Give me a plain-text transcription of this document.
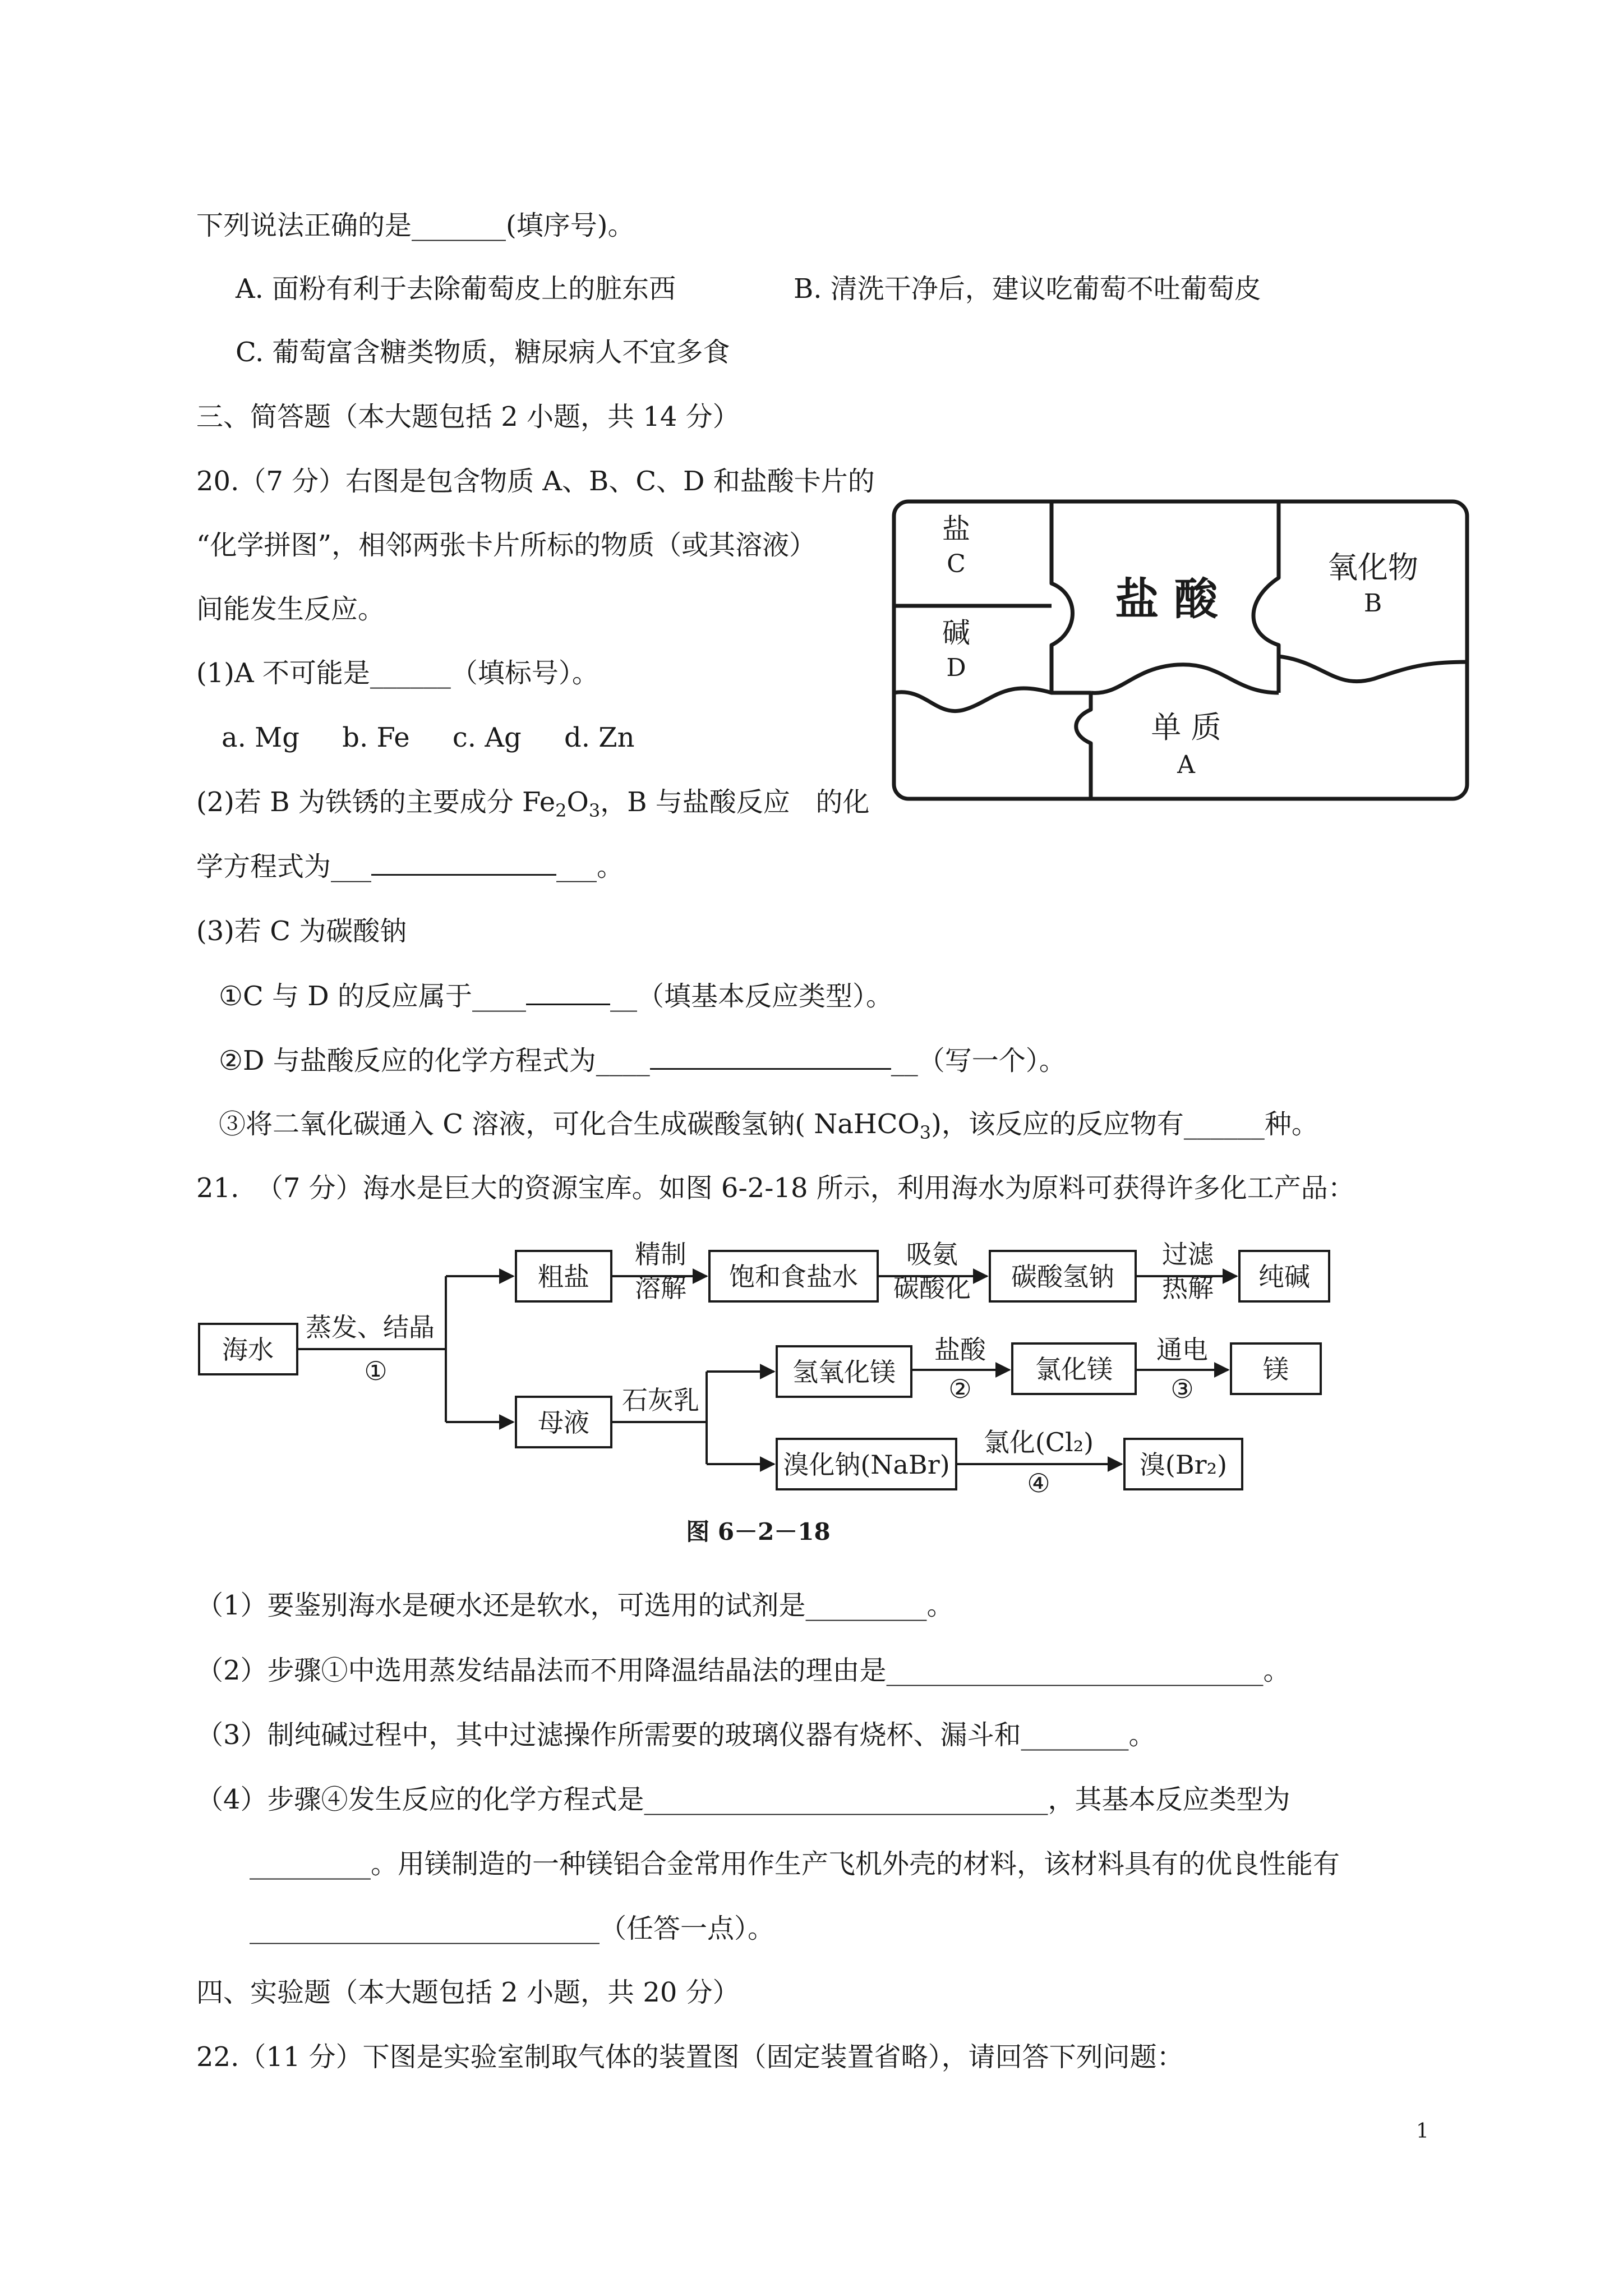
下列说法正确的是_______(填序号)。
A. 面粉有利于去除葡萄皮上的脏东西	B. 清洗干净后，建议吃葡萄不吐葡萄皮
C. 葡萄富含糖类物质，糖尿病人不宜多食
三、简答题（本大题包括 2 小题，共 14 分）
20.（7 分）右图是包含物质 A、B、C、D 和盐酸卡片的
“化学拼图”，相邻两张卡片所标的物质（或其溶液）
间能发生反应。
(1)A 不可能是______（填标号）。
a. Mg     b. Fe     c. Ag     d. Zn
(2)若 B 为铁锈的主要成分 $Fe_2O_3$，B 与盐酸反应   的化
学方程式为___	___。
(3)若 C 为碳酸钠
①C 与 D 的反应属于____	__（填基本反应类型）。
②D 与盐酸反应的化学方程式为____	__（写一个）。
③将二氧化碳通入 C 溶液，可化合生成碳酸氢钠( NaHCO$_3$)，该反应的反应物有______种。
盐
C
碱
D
盐 酸
氧化物
B
单 质
A
21.  （7 分）海水是巨大的资源宝库。如图 6-2-18 所示，利用海水为原料可获得许多化工产品：
海水
蒸发、结晶
①
粗盐
精制
溶解 饱和食盐水
吸氨
碳酸化 碳酸氢钠
过滤
热解 纯碱
母液
石灰乳
氢氧化镁
盐酸
②
氯化镁
通电
③
镁
溴化钠(NaBr)
氯化(Cl₂)
④
溴(Br₂)
图 6－2－18
（1）要鉴别海水是硬水还是软水，可选用的试剂是_________。
（2）步骤①中选用蒸发结晶法而不用降温结晶法的理由是____________________________。
（3）制纯碱过程中，其中过滤操作所需要的玻璃仪器有烧杯、漏斗和________。
（4）步骤④发生反应的化学方程式是______________________________，其基本反应类型为
_________。用镁制造的一种镁铝合金常用作生产飞机外壳的材料，该材料具有的优良性能有
__________________________（任答一点）。
四、实验题（本大题包括 2 小题，共 20 分）
22.（11 分）下图是实验室制取气体的装置图（固定装置省略），请回答下列问题：
1
